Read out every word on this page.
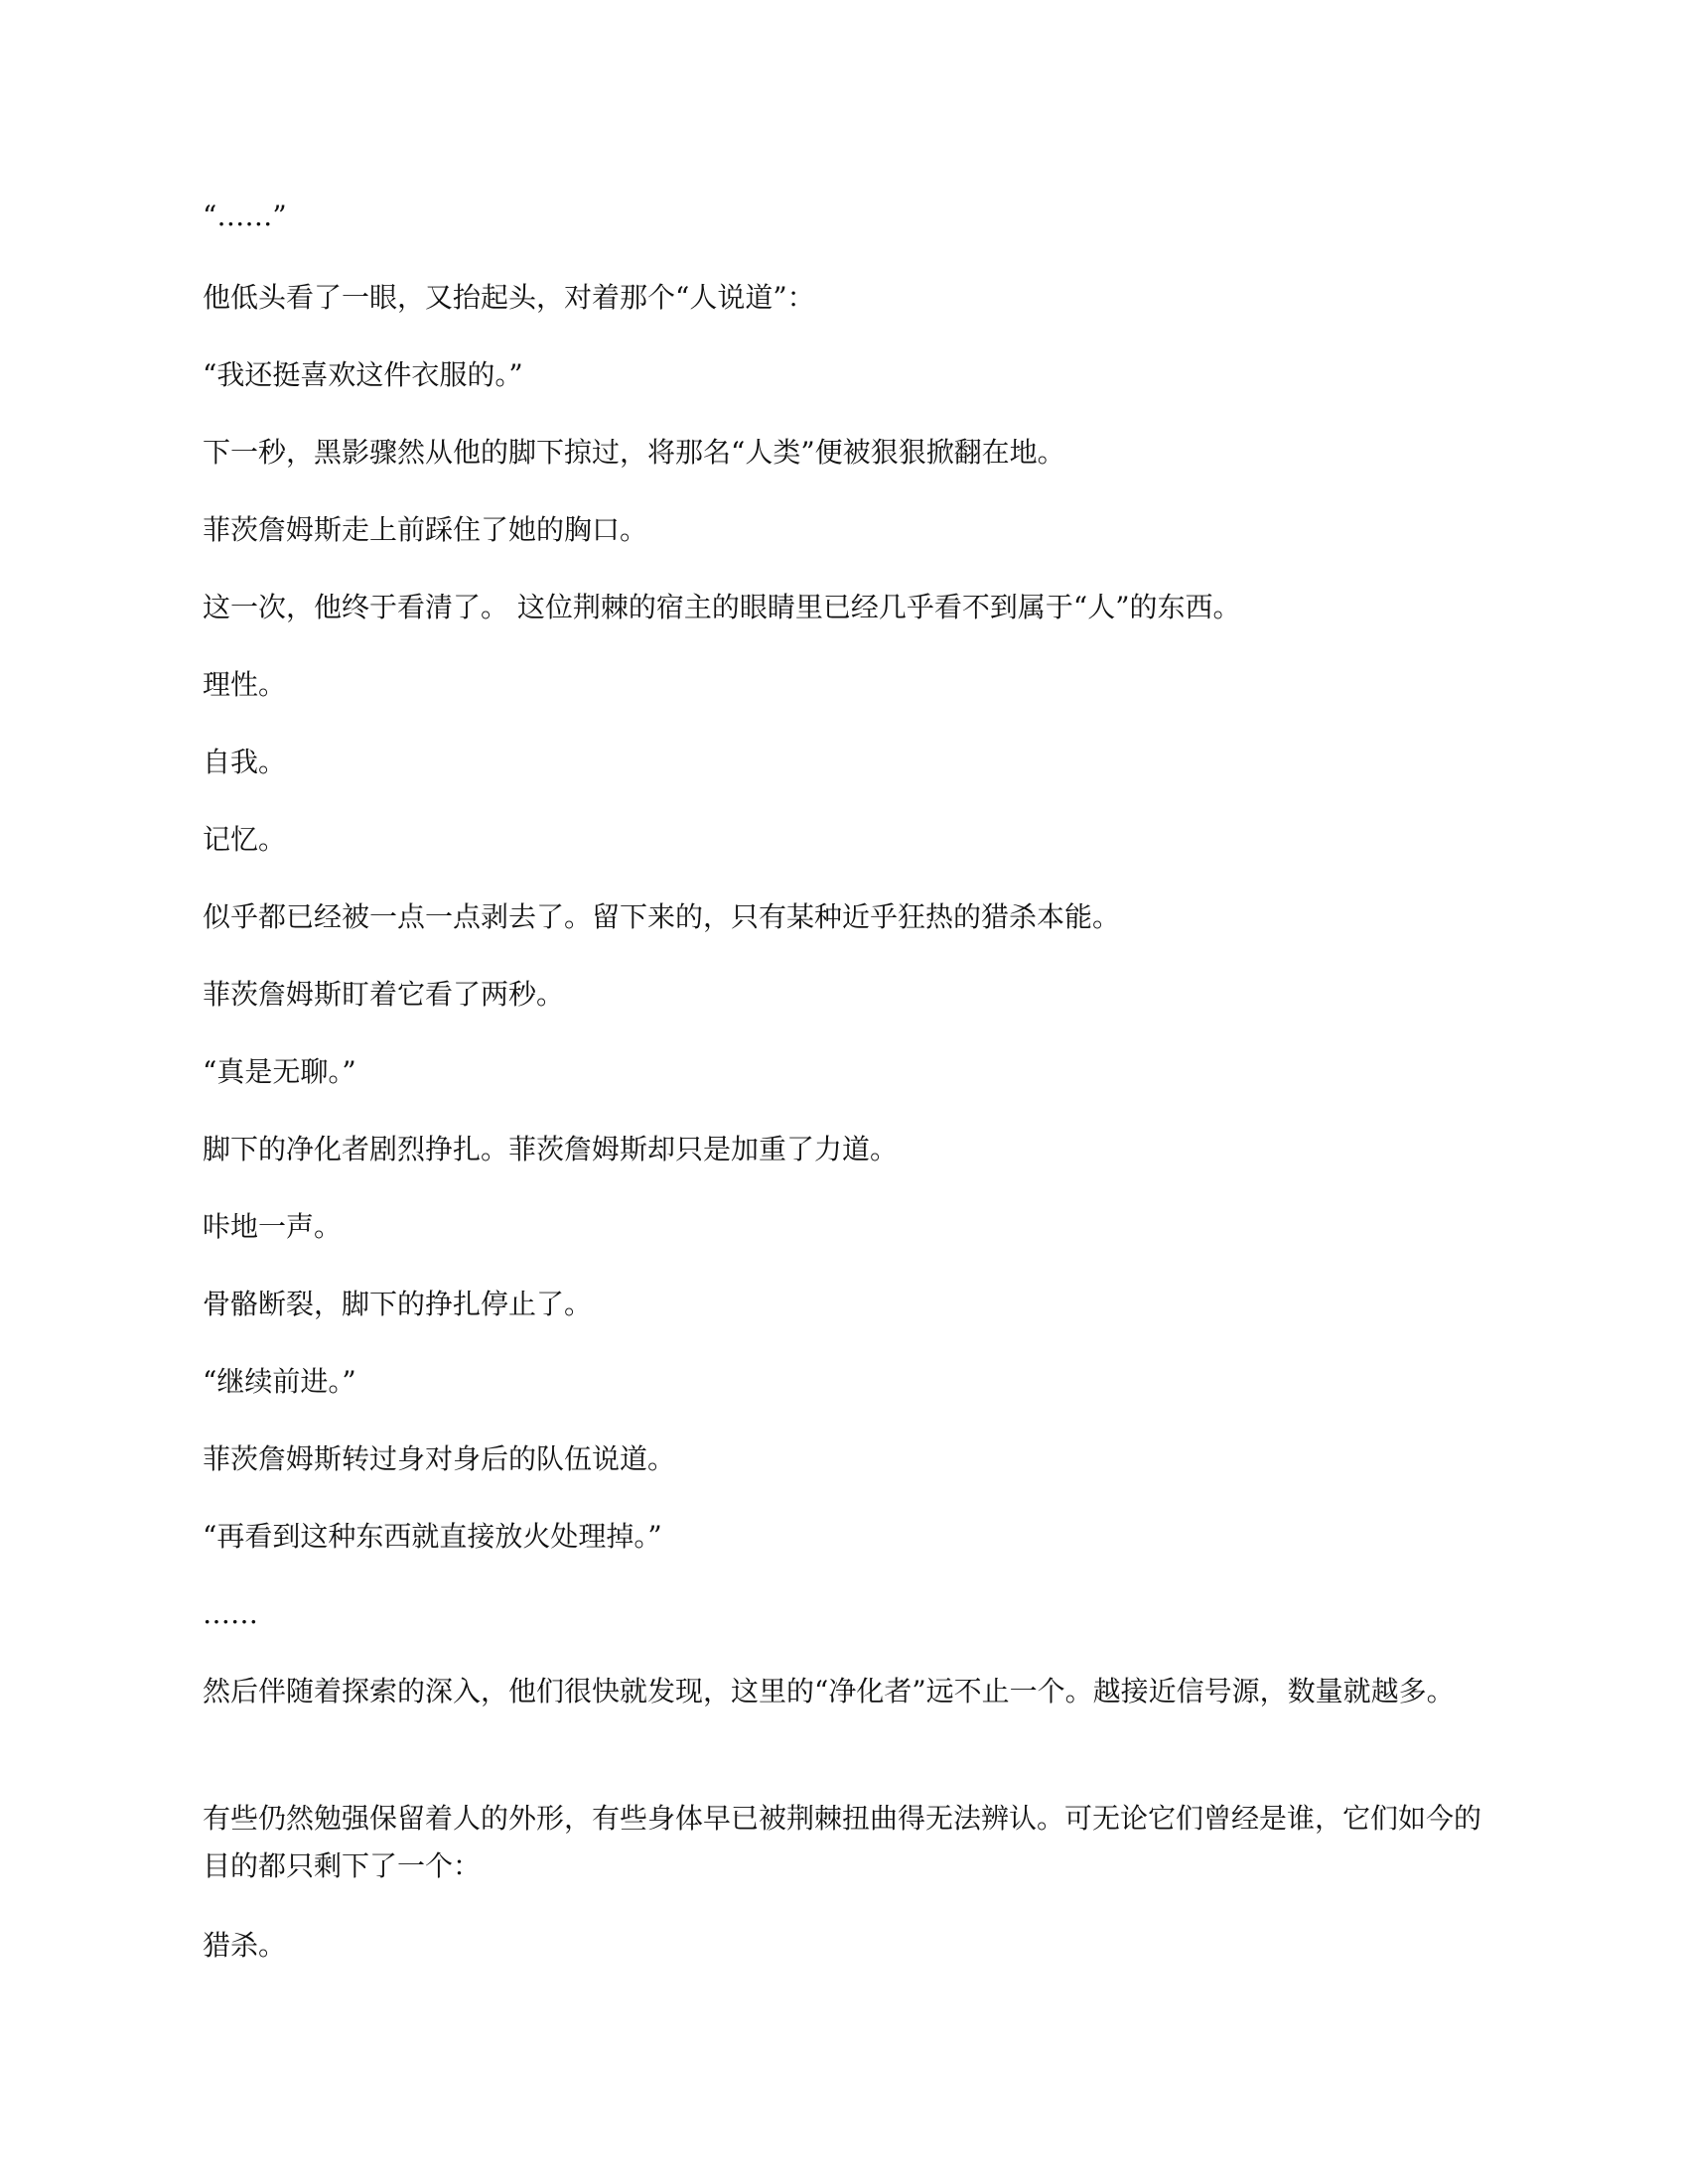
“……”

他低头看了一眼，又抬起头，对着那个“人说道”：

“我还挺喜欢这件衣服的。”

下一秒，黑影骤然从他的脚下掠过，将那名“人类”便被狠狠掀翻在地。

菲茨詹姆斯走上前踩住了她的胸口。

这一次，他终于看清了。 这位荆棘的宿主的眼睛里已经几乎看不到属于“人”的东西。

理性。

自我。

记忆。

似乎都已经被一点一点剥去了。留下来的，只有某种近乎狂热的猎杀本能。

菲茨詹姆斯盯着它看了两秒。

“真是无聊。”

脚下的净化者剧烈挣扎。菲茨詹姆斯却只是加重了力道。

咔地一声。

骨骼断裂，脚下的挣扎停止了。

“继续前进。”

菲茨詹姆斯转过身对身后的队伍说道。

“再看到这种东西就直接放火处理掉。”

……

然后伴随着探索的深入，他们很快就发现，这里的“净化者”远不止一个。越接近信号源，数量就越多。

有些仍然勉强保留着人的外形，有些身体早已被荆棘扭曲得无法辨认。可无论它们曾经是谁，它们如今的目的都只剩下了一个：

猎杀。
